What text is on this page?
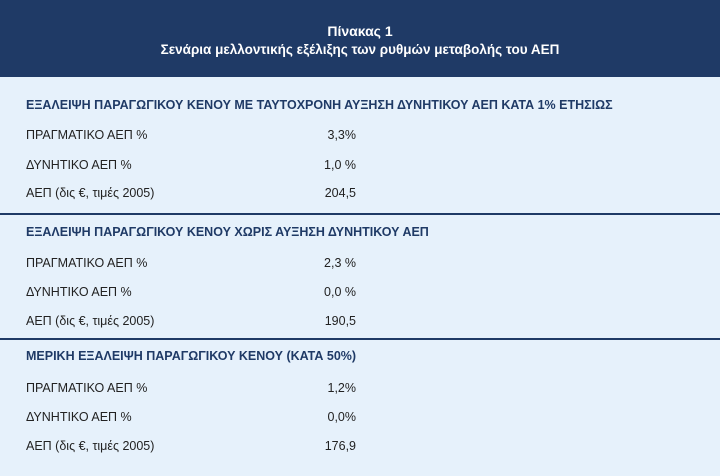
Πίνακας 1
Σενάρια μελλοντικής εξέλιξης των ρυθμών μεταβολής του ΑΕΠ
ΕΞΑΛΕΙΨΗ ΠΑΡΑΓΩΓΙΚΟΥ ΚΕΝΟΥ ΜΕ ΤΑΥΤΟΧΡΟΝΗ ΑΥΞΗΣΗ ΔΥΝΗΤΙΚΟΥ ΑΕΠ ΚΑΤΑ 1% ΕΤΗΣΙΩΣ
ΠΡΑΓΜΑΤΙΚΟ ΑΕΠ %	3,3%
ΔΥΝΗΤΙΚΟ ΑΕΠ %	1,0 %
ΑΕΠ (δις €, τιμές 2005)	204,5
ΕΞΑΛΕΙΨΗ ΠΑΡΑΓΩΓΙΚΟΥ ΚΕΝΟΥ ΧΩΡΙΣ ΑΥΞΗΣΗ ΔΥΝΗΤΙΚΟΥ ΑΕΠ
ΠΡΑΓΜΑΤΙΚΟ ΑΕΠ %	2,3 %
ΔΥΝΗΤΙΚΟ ΑΕΠ %	0,0 %
ΑΕΠ (δις €, τιμές 2005)	190,5
ΜΕΡΙΚΗ ΕΞΑΛΕΙΨΗ ΠΑΡΑΓΩΓΙΚΟΥ ΚΕΝΟΥ (ΚΑΤΑ 50%)
ΠΡΑΓΜΑΤΙΚΟ ΑΕΠ %	1,2%
ΔΥΝΗΤΙΚΟ ΑΕΠ %	0,0%
ΑΕΠ (δις €, τιμές 2005)	176,9
